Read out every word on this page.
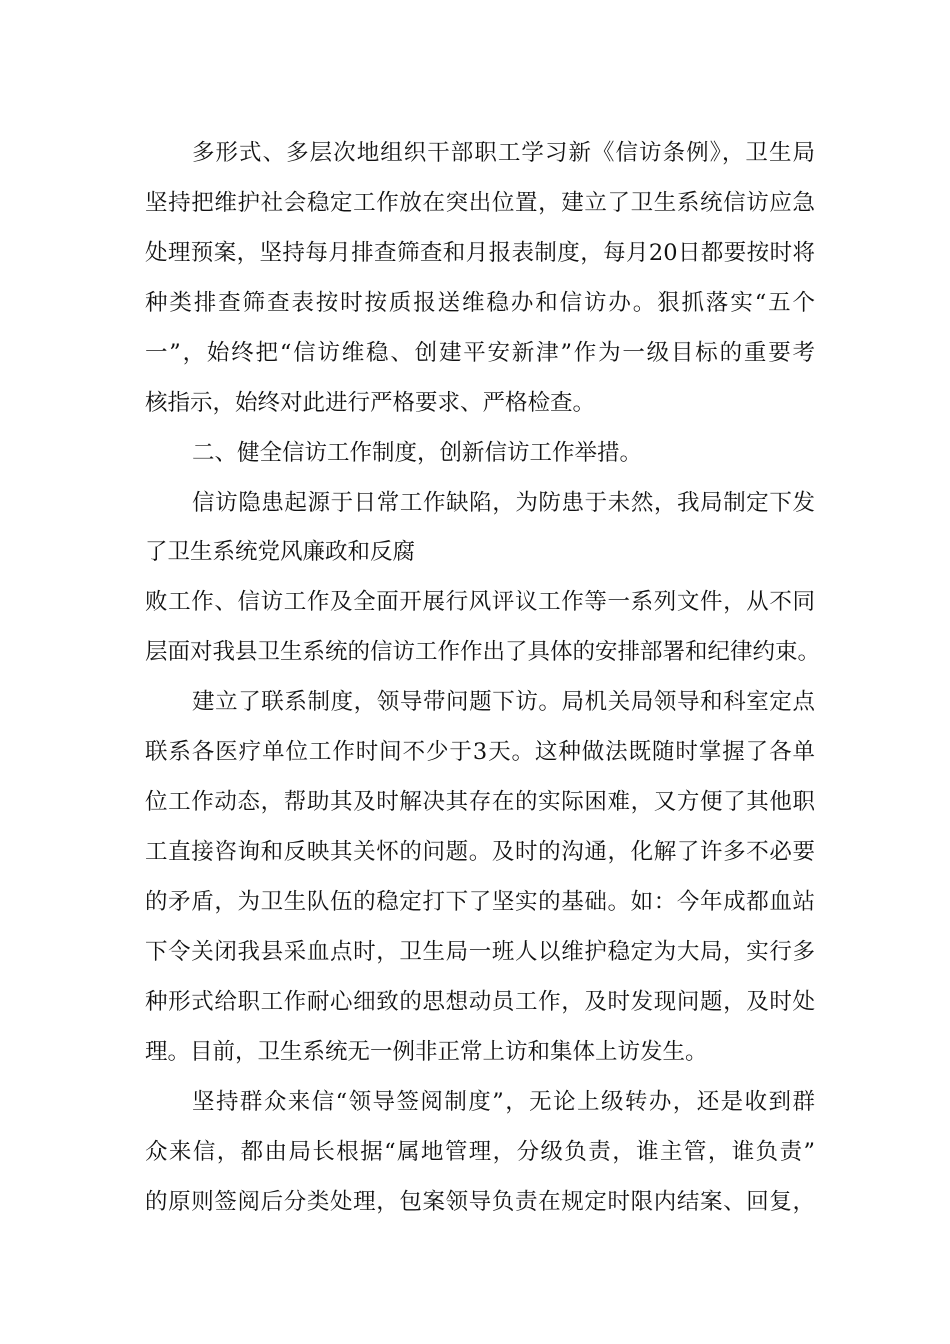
多形式、多层次地组织干部职工学习新《信访条例》，卫生局
坚持把维护社会稳定工作放在突出位置，建立了卫生系统信访应急
处理预案，坚持每月排查筛查和月报表制度，每月20日都要按时将
种类排查筛查表按时按质报送维稳办和信访办。狠抓落实“五个
一”，始终把“信访维稳、创建平安新津”作为一级目标的重要考
核指示，始终对此进行严格要求、严格检查。
二、健全信访工作制度，创新信访工作举措。
信访隐患起源于日常工作缺陷，为防患于未然，我局制定下发
了卫生系统党风廉政和反腐
败工作、信访工作及全面开展行风评议工作等一系列文件，从不同
层面对我县卫生系统的信访工作作出了具体的安排部署和纪律约束。
建立了联系制度，领导带问题下访。局机关局领导和科室定点
联系各医疗单位工作时间不少于3天。这种做法既随时掌握了各单
位工作动态，帮助其及时解决其存在的实际困难，又方便了其他职
工直接咨询和反映其关怀的问题。及时的沟通，化解了许多不必要
的矛盾，为卫生队伍的稳定打下了坚实的基础。如：今年成都血站
下令关闭我县采血点时，卫生局一班人以维护稳定为大局，实行多
种形式给职工作耐心细致的思想动员工作，及时发现问题，及时处
理。目前，卫生系统无一例非正常上访和集体上访发生。
坚持群众来信“领导签阅制度”，无论上级转办，还是收到群
众来信，都由局长根据“属地管理，分级负责，谁主管，谁负责”
的原则签阅后分类处理，包案领导负责在规定时限内结案、回复，
